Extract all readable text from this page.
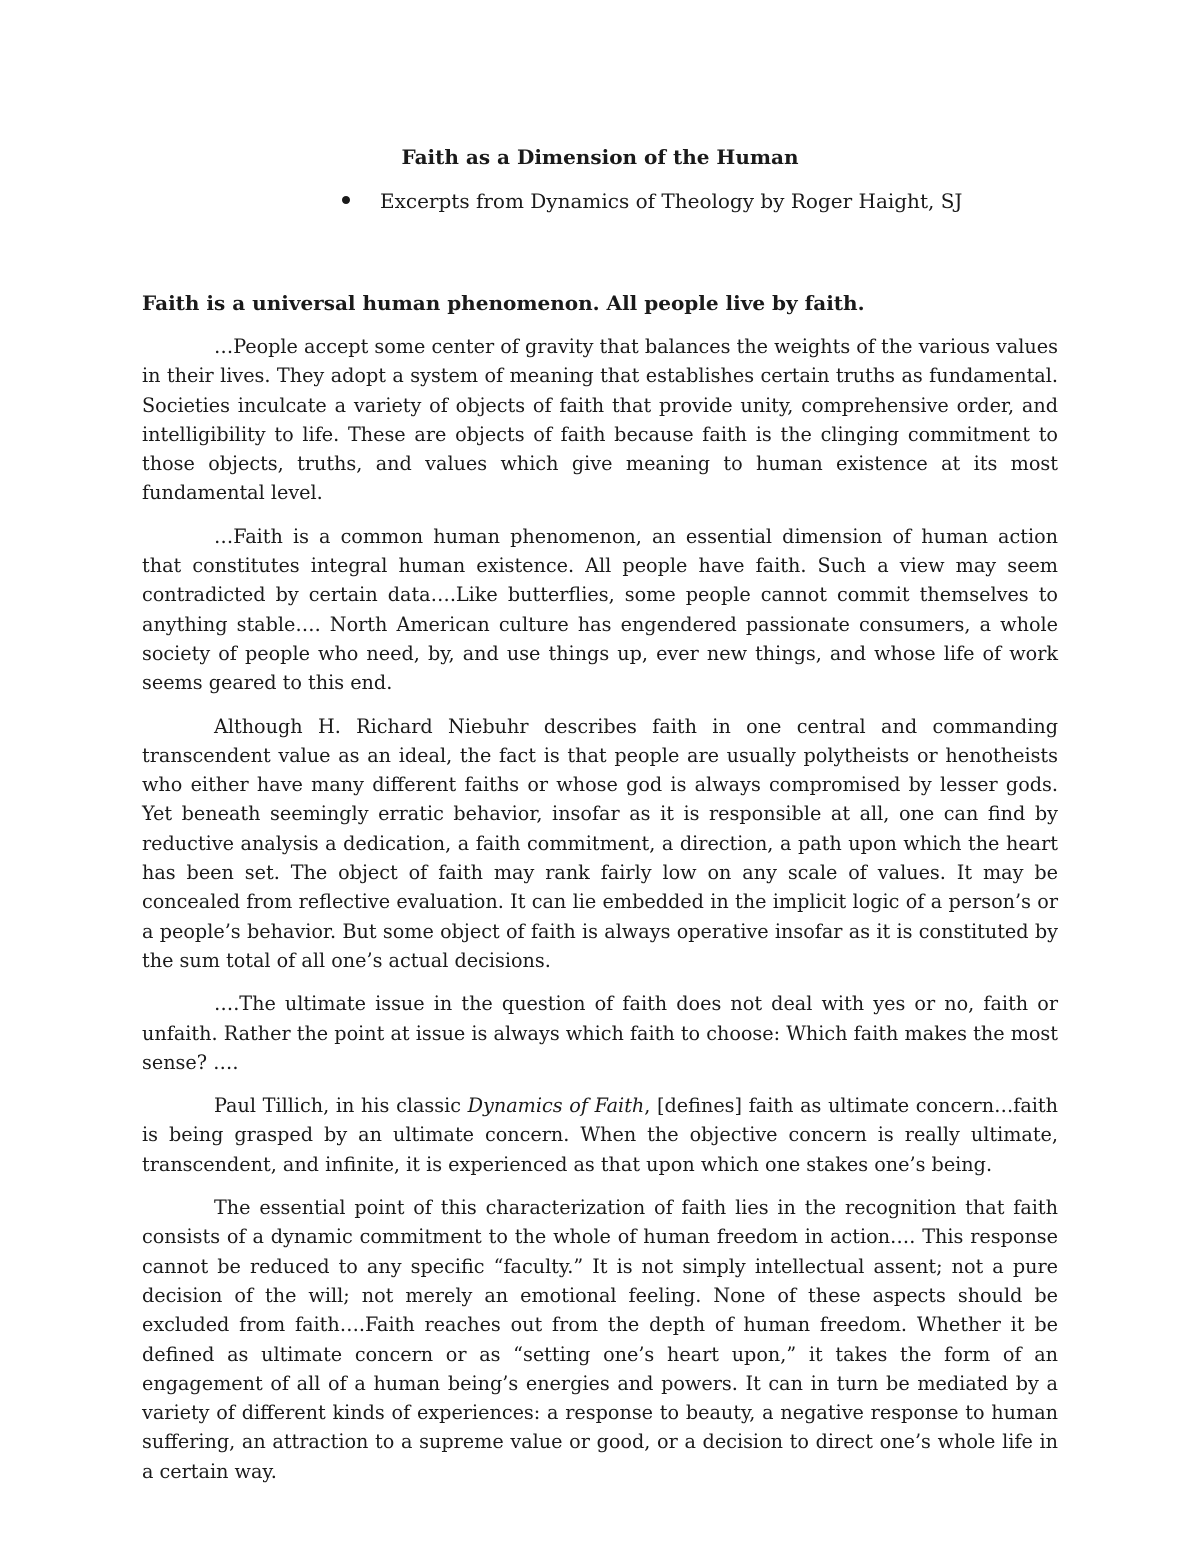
Faith as a Dimension of the Human
Excerpts from Dynamics of Theology by Roger Haight, SJ
Faith is a universal human phenomenon. All people live by faith.

…People accept some center of gravity that balances the weights of the various values in their lives. They adopt a system of meaning that establishes certain truths as fundamental. Societies inculcate a variety of objects of faith that provide unity, comprehensive order, and intelligibility to life. These are objects of faith because faith is the clinging commitment to those objects, truths, and values which give meaning to human existence at its most fundamental level.

…Faith is a common human phenomenon, an essential dimension of human action that constitutes integral human existence. All people have faith. Such a view may seem contradicted by certain data….Like butterflies, some people cannot commit themselves to anything stable…. North American culture has engendered passionate consumers, a whole society of people who need, by, and use things up, ever new things, and whose life of work seems geared to this end.

Although H. Richard Niebuhr describes faith in one central and commanding transcendent value as an ideal, the fact is that people are usually polytheists or henotheists who either have many different faiths or whose god is always compromised by lesser gods. Yet beneath seemingly erratic behavior, insofar as it is responsible at all, one can find by reductive analysis a dedication, a faith commitment, a direction, a path upon which the heart has been set. The object of faith may rank fairly low on any scale of values. It may be concealed from reflective evaluation. It can lie embedded in the implicit logic of a person’s or a people’s behavior. But some object of faith is always operative insofar as it is constituted by the sum total of all one’s actual decisions.

….The ultimate issue in the question of faith does not deal with yes or no, faith or unfaith. Rather the point at issue is always which faith to choose: Which faith makes the most sense? ….

Paul Tillich, in his classic Dynamics of Faith, [defines] faith as ultimate concern…faith is being grasped by an ultimate concern. When the objective concern is really ultimate, transcendent, and infinite, it is experienced as that upon which one stakes one’s being.

The essential point of this characterization of faith lies in the recognition that faith consists of a dynamic commitment to the whole of human freedom in action…. This response cannot be reduced to any specific “faculty.” It is not simply intellectual assent; not a pure decision of the will; not merely an emotional feeling. None of these aspects should be excluded from faith….Faith reaches out from the depth of human freedom. Whether it be defined as ultimate concern or as “setting one’s heart upon,” it takes the form of an engagement of all of a human being’s energies and powers. It can in turn be mediated by a variety of different kinds of experiences: a response to beauty, a negative response to human suffering, an attraction to a supreme value or good, or a decision to direct one’s whole life in a certain way.
